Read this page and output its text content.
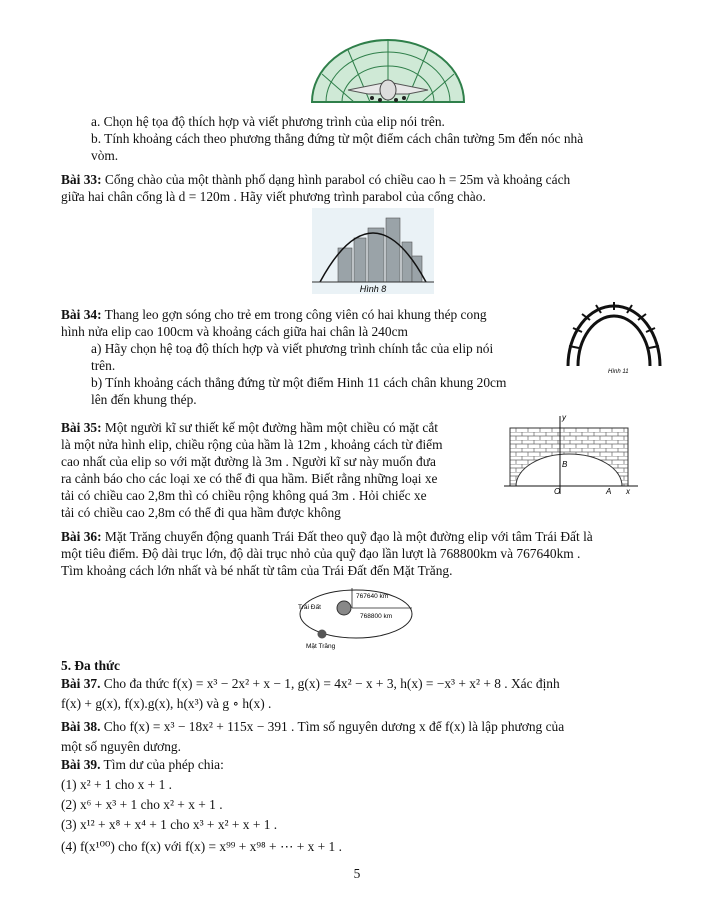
a. Chọn hệ tọa độ thích hợp và viết phương trình của elip nói trên.
b. Tính khoảng cách theo phương thẳng đứng từ một điểm cách chân tường 5m đến nóc nhà
vòm.
Bài 33: Cổng chào của một thành phố dạng hình parabol có chiều cao h = 25m và khoảng cách
giữa hai chân cổng là d = 120m . Hãy viết phương trình parabol của cổng chào.
Hình 8
Bài 34: Thang leo gợn sóng cho trẻ em trong công viên có hai khung thép cong
hình nửa elip cao 100cm và khoảng cách giữa hai chân là 240cm
a) Hãy chọn hệ toạ độ thích hợp và viết phương trình chính tắc của elip nói
trên.
b) Tính khoảng cách thẳng đứng từ một điểm Hinh 11 cách chân khung 20cm
lên đến khung thép.
Hình 11
Bài 35: Một người kĩ sư thiết kế một đường hầm một chiều có mặt cắt
là một nửa hình elip, chiều rộng của hầm là 12m , khoảng cách từ điểm
cao nhất của elip so với mặt đường là 3m . Người kĩ sư này muốn đưa
ra cảnh báo cho các loại xe có thể đi qua hầm. Biết rằng những loại xe
tải có chiều cao 2,8m thì có chiều rộng không quá 3m . Hỏi chiếc xe
tải có chiều cao 2,8m có thể đi qua hầm được không
y
x
O	A
B
Bài 36: Mặt Trăng chuyển động quanh Trái Đất theo quỹ đạo là một đường elip với tâm Trái Đất là
một tiêu điểm. Độ dài trục lớn, độ dài trục nhỏ của quỹ đạo lần lượt là 768800km và 767640km .
Tìm khoảng cách lớn nhất và bé nhất từ tâm của Trái Đất đến Mặt Trăng.
Trái Đất
Mặt Trăng
767640 km
768800 km
5. Đa thức
Bài 37. Cho đa thức f(x) = x³ − 2x² + x − 1, g(x) = 4x² − x + 3, h(x) = −x³ + x² + 8 . Xác định
f(x) + g(x), f(x).g(x), h(x³) và g ∘ h(x) .
Bài 38. Cho f(x) = x³ − 18x² + 115x − 391 . Tìm số nguyên dương x để f(x) là lập phương của
một số nguyên dương.
Bài 39. Tìm dư của phép chia:
(1) x² + 1 cho x + 1 .
(2) x⁶ + x³ + 1 cho x² + x + 1 .
(3) x¹² + x⁸ + x⁴ + 1 cho x³ + x² + x + 1 .
(4) f(x¹⁰⁰) cho f(x) với f(x) = x⁹⁹ + x⁹⁸ + ⋯ + x + 1 .
5
